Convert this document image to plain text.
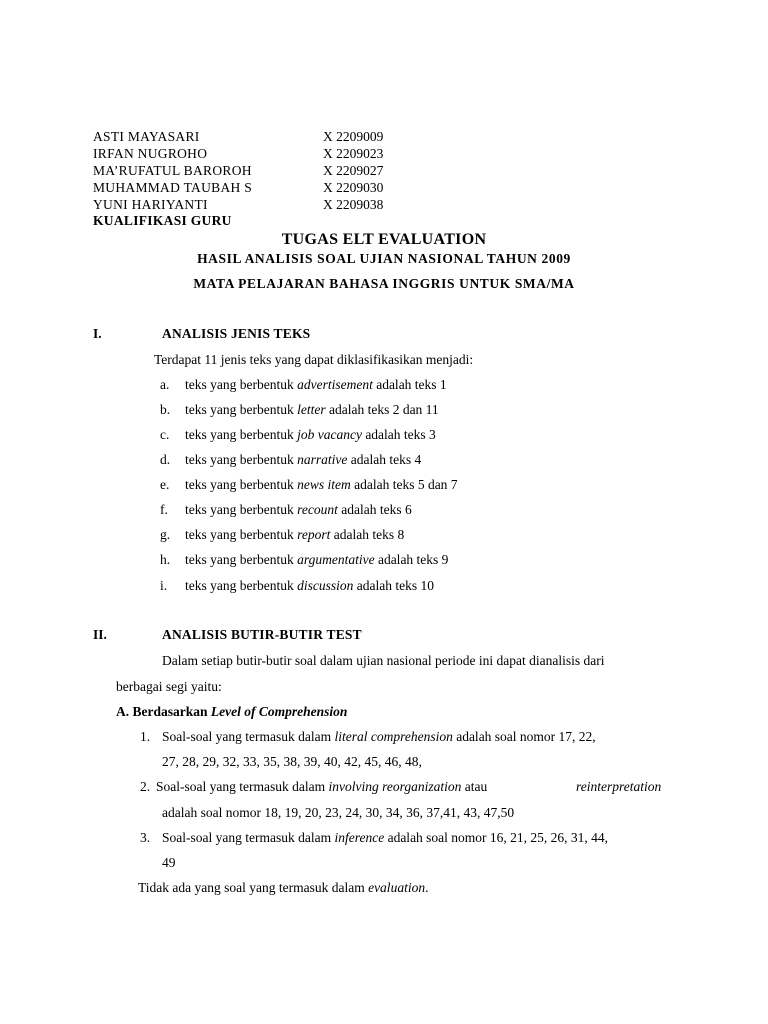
ASTI MAYASARI	X 2209009
IRFAN NUGROHO	X 2209023
MA’RUFATUL BAROROH	X 2209027
MUHAMMAD TAUBAH S	X 2209030
YUNI HARIYANTI	X 2209038
KUALIFIKASI GURU
TUGAS ELT EVALUATION
HASIL ANALISIS SOAL UJIAN NASIONAL TAHUN 2009
MATA PELAJARAN BAHASA INGGRIS UNTUK SMA/MA
I.	ANALISIS JENIS TEKS
Terdapat 11 jenis teks yang dapat diklasifikasikan menjadi:
a. teks yang berbentuk advertisement adalah teks 1
b. teks yang berbentuk letter adalah teks 2 dan 11
c. teks yang berbentuk job vacancy adalah teks 3
d. teks yang berbentuk narrative adalah teks 4
e. teks yang berbentuk news item adalah teks 5 dan 7
f. teks yang berbentuk recount adalah teks 6
g. teks yang berbentuk report adalah teks 8
h. teks yang berbentuk argumentative adalah teks 9
i. teks yang berbentuk discussion adalah teks 10
II.	ANALISIS BUTIR-BUTIR TEST
Dalam setiap butir-butir soal dalam ujian nasional periode ini dapat dianalisis dari
berbagai segi yaitu:
A. Berdasarkan Level of Comprehension
1. Soal-soal yang termasuk dalam literal comprehension adalah soal nomor 17, 22,
27, 28, 29, 32, 33, 35, 38, 39, 40, 42, 45, 46, 48,
2. Soal-soal yang termasuk dalam involving reorganization atau	reinterpretation
adalah soal nomor 18, 19, 20, 23, 24, 30, 34, 36, 37,41, 43, 47,50
3. Soal-soal yang termasuk dalam inference adalah soal nomor 16, 21, 25, 26, 31, 44,
49
Tidak ada yang soal yang termasuk dalam evaluation.
